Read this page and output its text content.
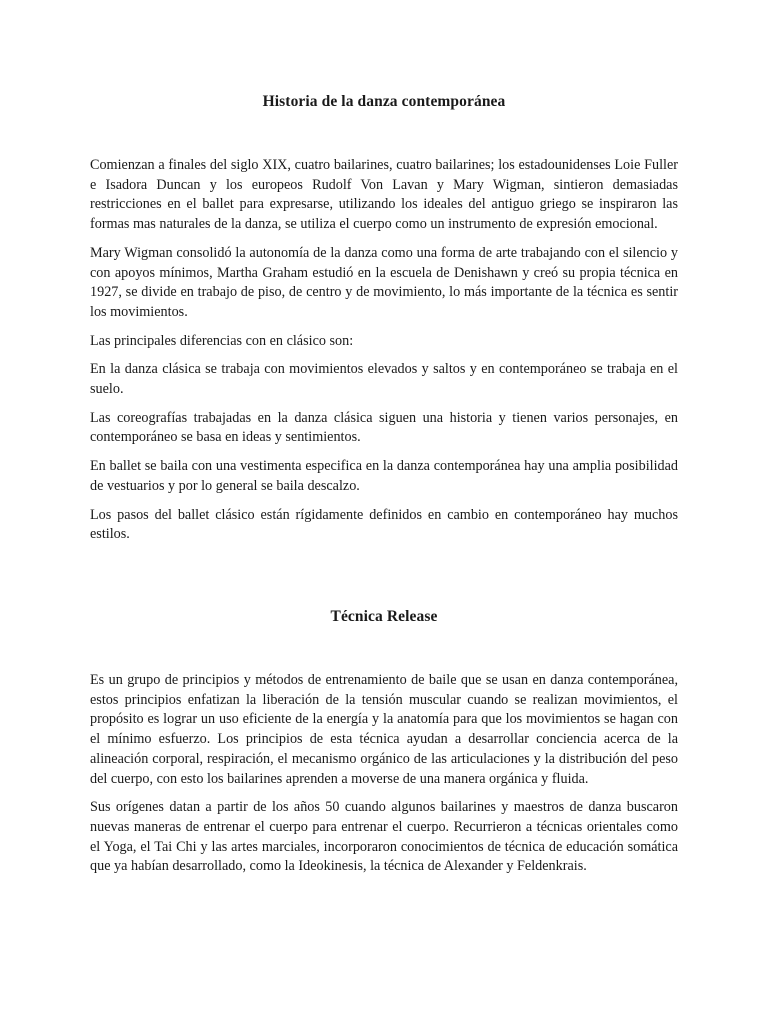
Historia de la danza contemporánea

Comienzan a finales del siglo XIX, cuatro bailarines, cuatro bailarines; los estadounidenses Loie Fuller e Isadora Duncan y los europeos Rudolf Von Lavan y Mary Wigman, sintieron demasiadas restricciones en el ballet para expresarse, utilizando los ideales del antiguo griego se inspiraron las formas mas naturales de la danza, se utiliza el cuerpo como un instrumento de expresión emocional.

Mary Wigman consolidó la autonomía de la danza como una forma de arte trabajando con el silencio y con apoyos mínimos, Martha Graham estudió en la escuela de Denishawn y creó su propia técnica en 1927, se divide en trabajo de piso, de centro y de movimiento, lo más importante de la técnica es sentir los movimientos.

Las principales diferencias con en clásico son:

En la danza clásica se trabaja con movimientos elevados y saltos y en contemporáneo se trabaja en el suelo.

Las coreografías trabajadas en la danza clásica siguen una historia y tienen varios personajes, en contemporáneo se basa en ideas y sentimientos.

En ballet se baila con una vestimenta especifica en la danza contemporánea hay una amplia posibilidad de vestuarios y por lo general se baila descalzo.

Los pasos del ballet clásico están rígidamente definidos en cambio en contemporáneo hay muchos estilos.

Técnica Release

Es un grupo de principios y métodos de entrenamiento de baile que se usan en danza contemporánea, estos principios enfatizan la liberación de la tensión muscular cuando se realizan movimientos, el propósito es lograr un uso eficiente de la energía y la anatomía para que los movimientos se hagan con el mínimo esfuerzo. Los principios de esta técnica ayudan a desarrollar conciencia acerca de la alineación corporal, respiración, el mecanismo orgánico de las articulaciones y la distribución del peso del cuerpo, con esto los bailarines aprenden a moverse de una manera orgánica y fluida.

Sus orígenes datan a partir de los años 50 cuando algunos bailarines y maestros de danza buscaron nuevas maneras de entrenar el cuerpo para entrenar el cuerpo. Recurrieron a técnicas orientales como el Yoga, el Tai Chi y las artes marciales, incorporaron conocimientos de técnica de educación somática que ya habían desarrollado, como la Ideokinesis, la técnica de Alexander y Feldenkrais.
